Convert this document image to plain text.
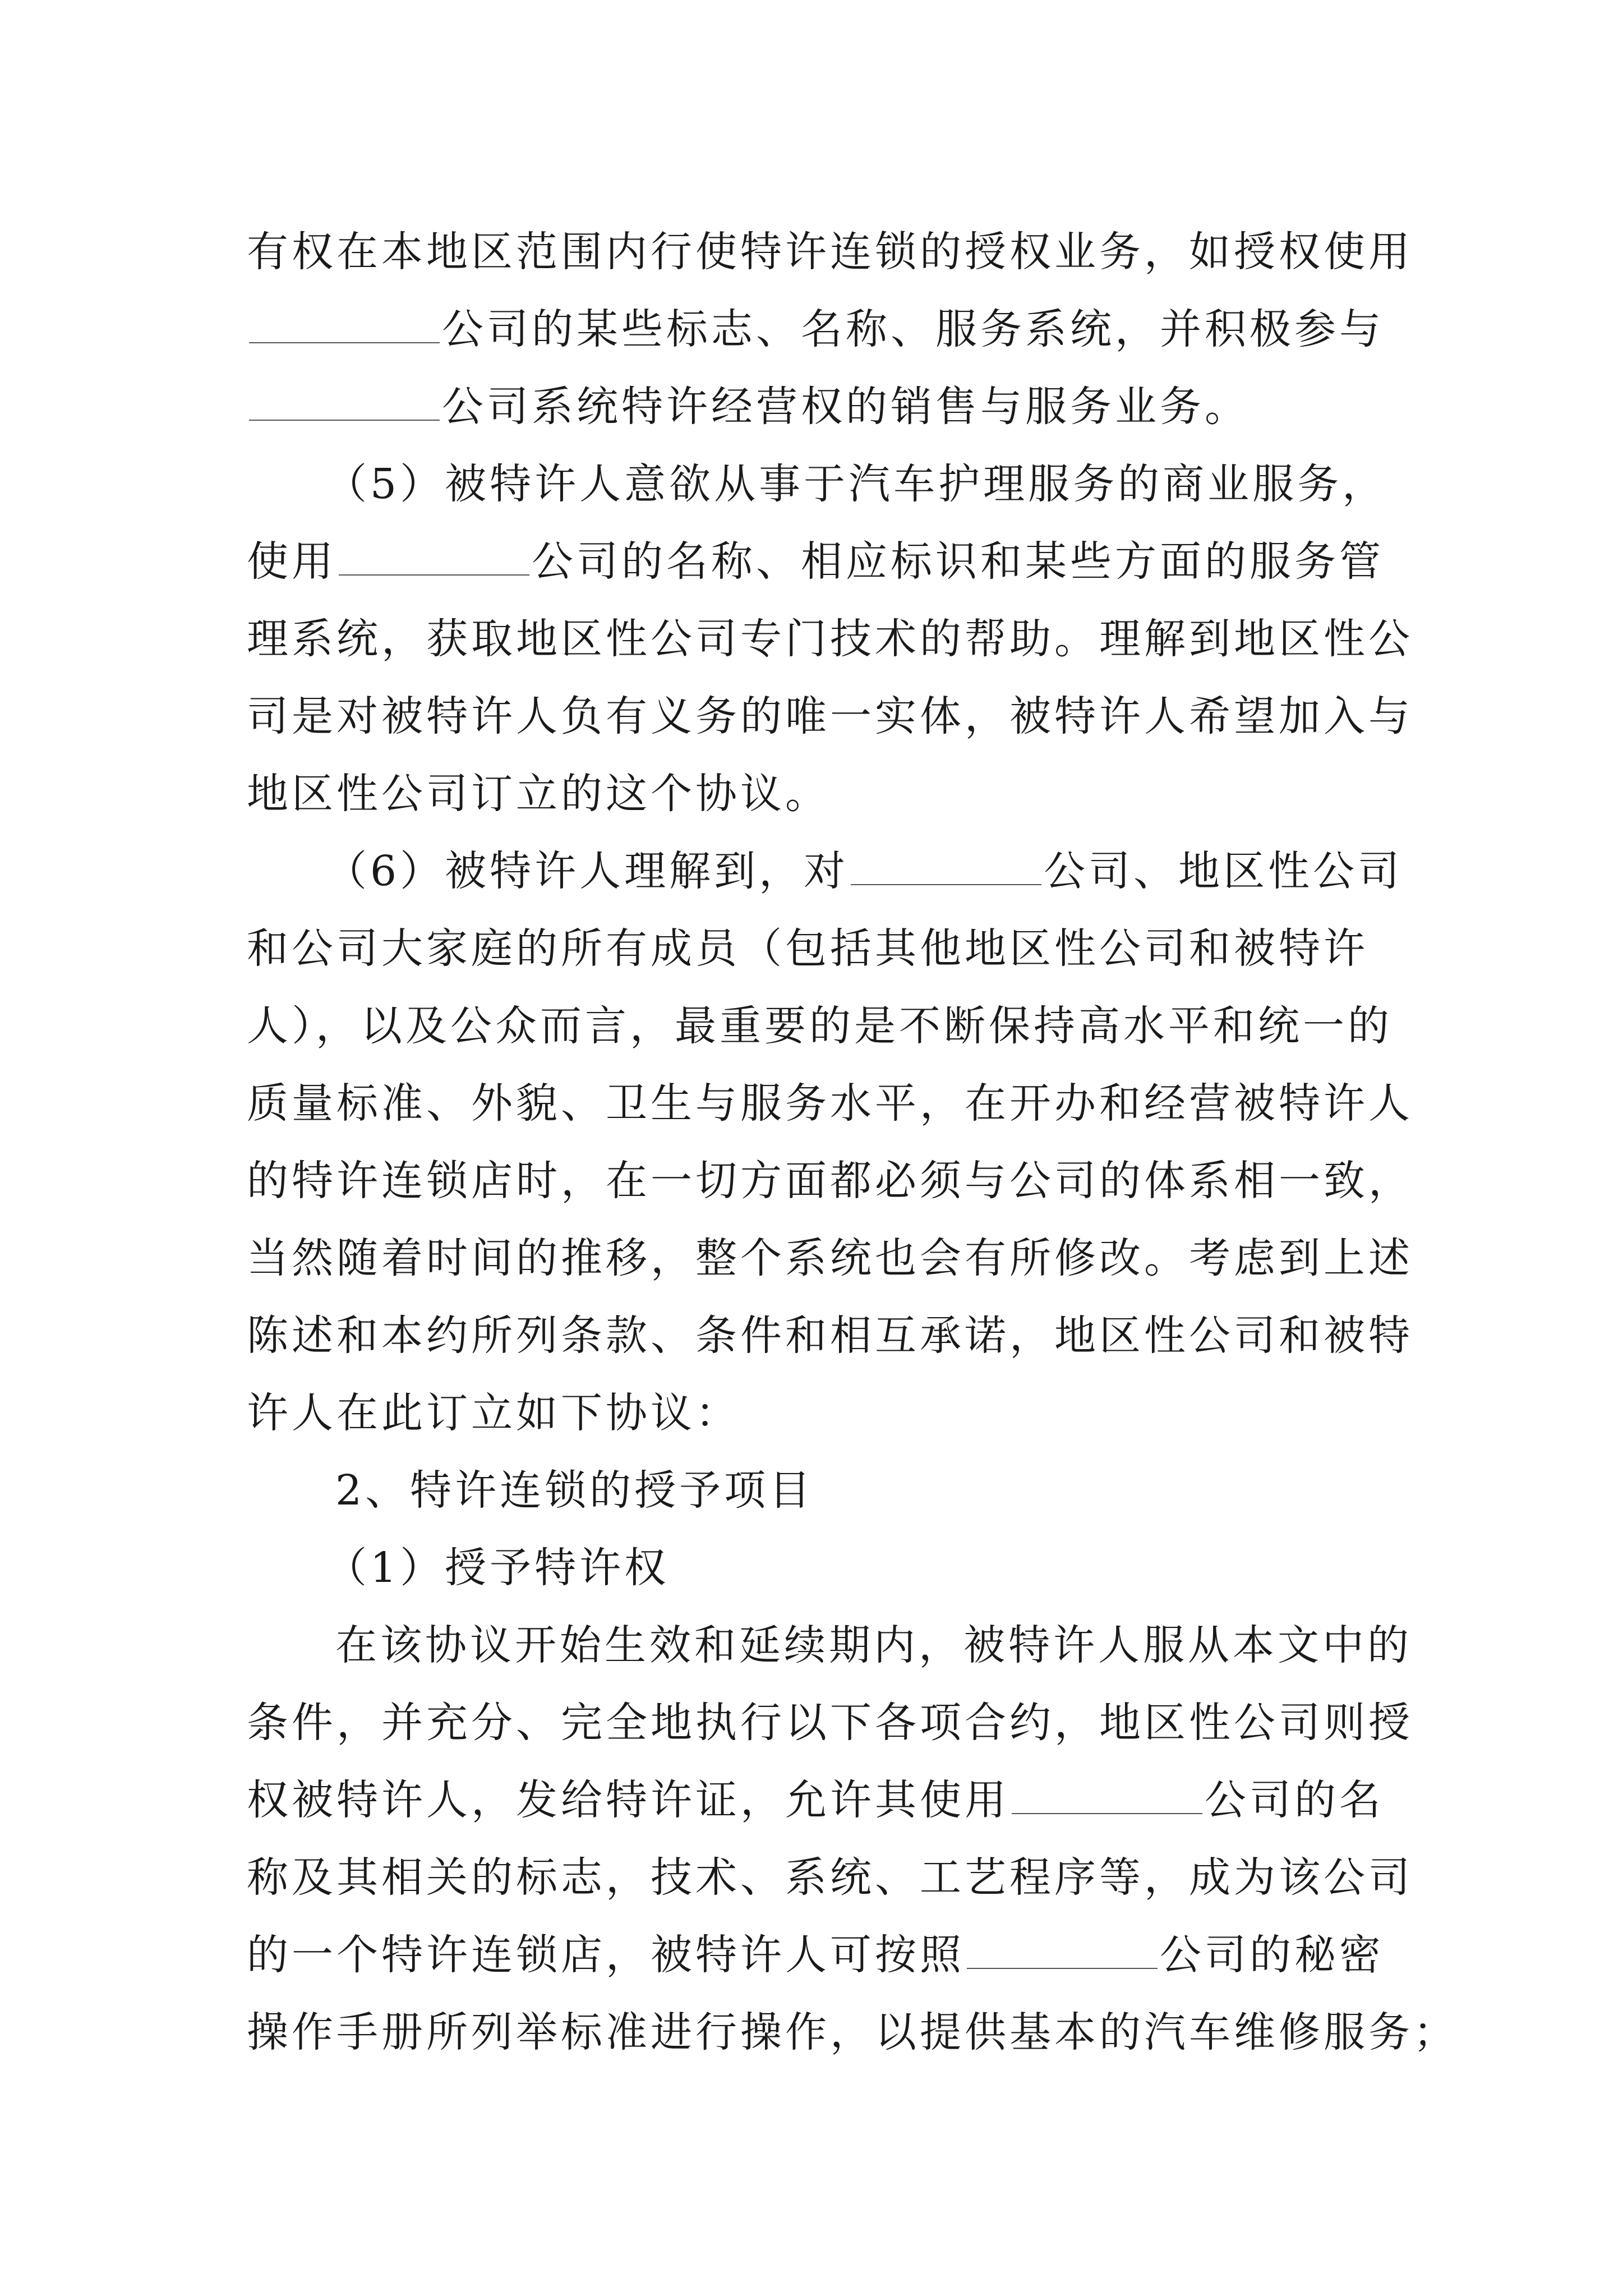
有权在本地区范围内行使特许连锁的授权业务，如授权使用
公司的某些标志、名称、服务系统，并积极参与
公司系统特许经营权的销售与服务业务。
（5）被特许人意欲从事于汽车护理服务的商业服务，
使用	公司的名称、相应标识和某些方面的服务管
理系统，获取地区性公司专门技术的帮助。理解到地区性公
司是对被特许人负有义务的唯一实体，被特许人希望加入与
地区性公司订立的这个协议。
（6）被特许人理解到，对	公司、地区性公司
和公司大家庭的所有成员（包括其他地区性公司和被特许
人），以及公众而言，最重要的是不断保持高水平和统一的
质量标准、外貌、卫生与服务水平，在开办和经营被特许人
的特许连锁店时，在一切方面都必须与公司的体系相一致，
当然随着时间的推移，整个系统也会有所修改。考虑到上述
陈述和本约所列条款、条件和相互承诺，地区性公司和被特
许人在此订立如下协议：
2、特许连锁的授予项目
（1）授予特许权
在该协议开始生效和延续期内，被特许人服从本文中的
条件，并充分、完全地执行以下各项合约，地区性公司则授
权被特许人，发给特许证，允许其使用	公司的名
称及其相关的标志，技术、系统、工艺程序等，成为该公司
的一个特许连锁店，被特许人可按照	公司的秘密
操作手册所列举标准进行操作，以提供基本的汽车维修服务；
